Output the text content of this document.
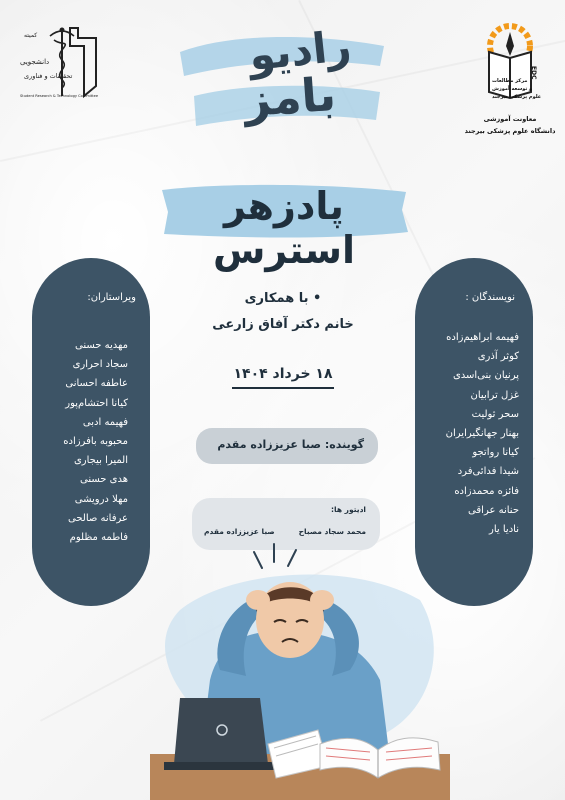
دانشجویی
کمیته
تحقیقات و فناوری
Student Research & Technology Committee
EDC
مرکز مطالعات
و توسعه آموزش
علوم پزشکی بیرجند
معاونت آموزشی
دانشگاه علوم پزشکی بیرجند
رادیو
بامز
پادزهر استرس
ویراستاران:
مهدیه حسنی
سجاد احراری
عاطفه احسانی
کیانا احتشام‌پور
فهیمه ادبی
محبوبه بافرزاده
المیرا بیجاری
هدی حسنی
مهلا درویشی
عرفانه صالحی
فاطمه مظلوم
نویسندگان :
فهیمه ابراهیم‌زاده
کوثر آذری
پرنیان بنی‌اسدی
غزل ترابیان
سحر ثولیت
بهنار جهانگیرایران
کیانا رواتجو
شیدا فدائی‌فرد
فائزه محمدزاده
حنانه عراقی
نادیا یار
• با همکاری
خانم دکتر آفاق زارعی
۱۸ خرداد ۱۴۰۴
گوینده: صبا عزیززاده مقدم
ادیتور ها:
محمد سجاد مصباح
صبا عزیززاده مقدم
